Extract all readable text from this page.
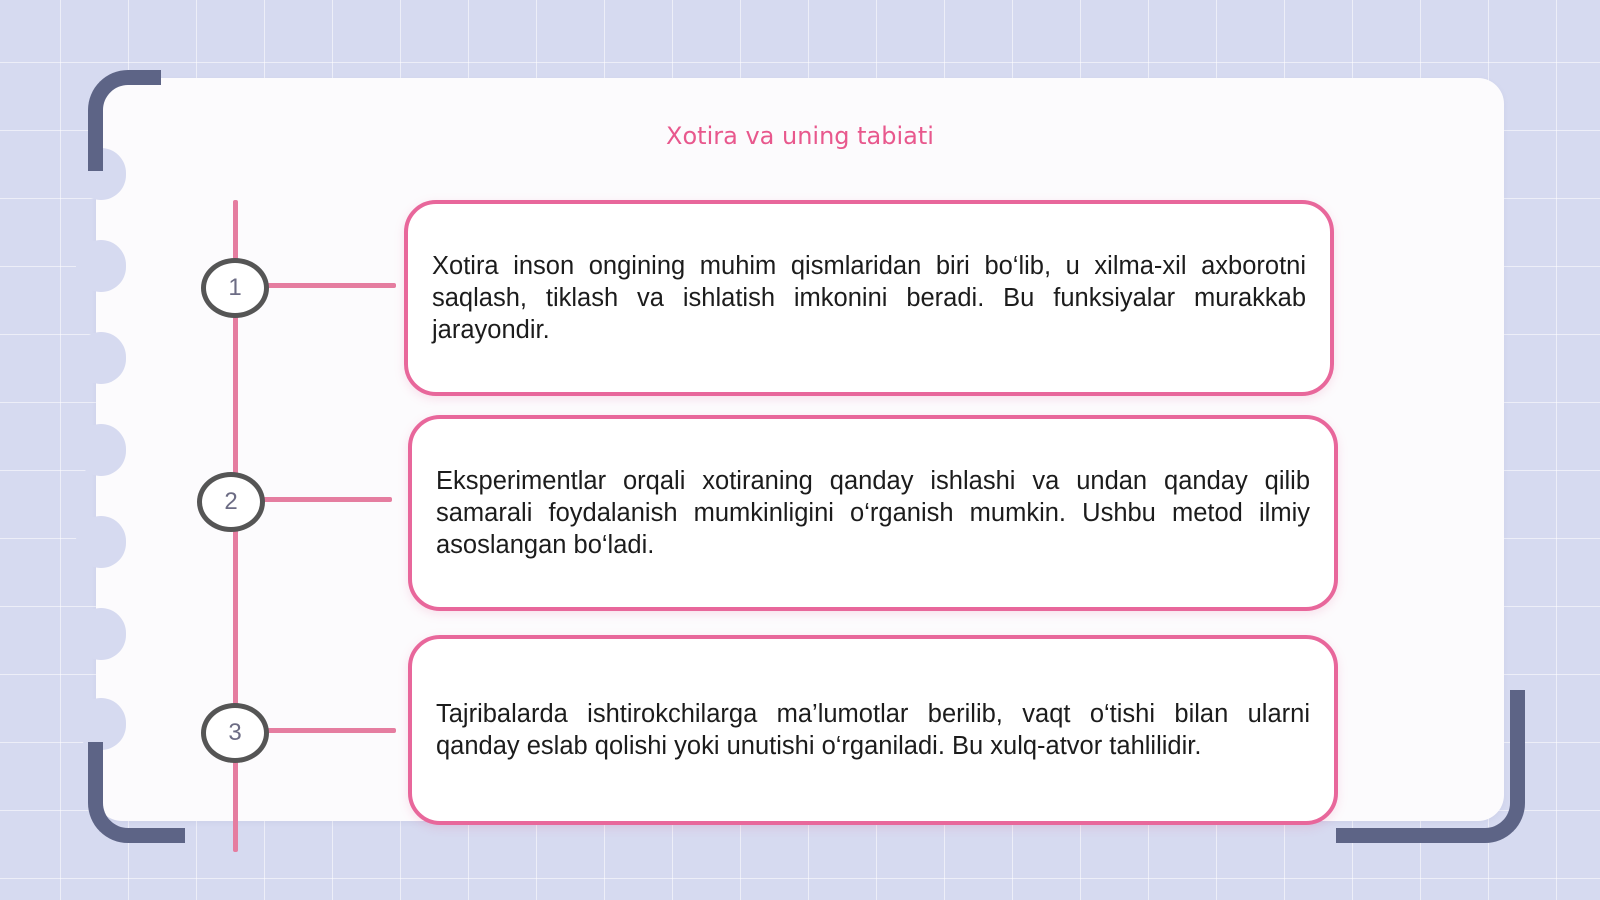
Xotira va uning tabiati
1
2
3

Xotira inson ongining muhim qismlaridan biri bo‘lib, u xilma-xil axborotni saqlash, tiklash va ishlatish imkonini beradi. Bu funksiyalar murakkab jarayondir.

Eksperimentlar orqali xotiraning qanday ishlashi va undan qanday qilib samarali foydalanish mumkinligini o‘rganish mumkin. Ushbu metod ilmiy asoslangan bo‘ladi.

Tajribalarda ishtirokchilarga ma’lumotlar berilib, vaqt o‘tishi bilan ularni qanday eslab qolishi yoki unutishi o‘rganiladi. Bu xulq-atvor tahlilidir.
